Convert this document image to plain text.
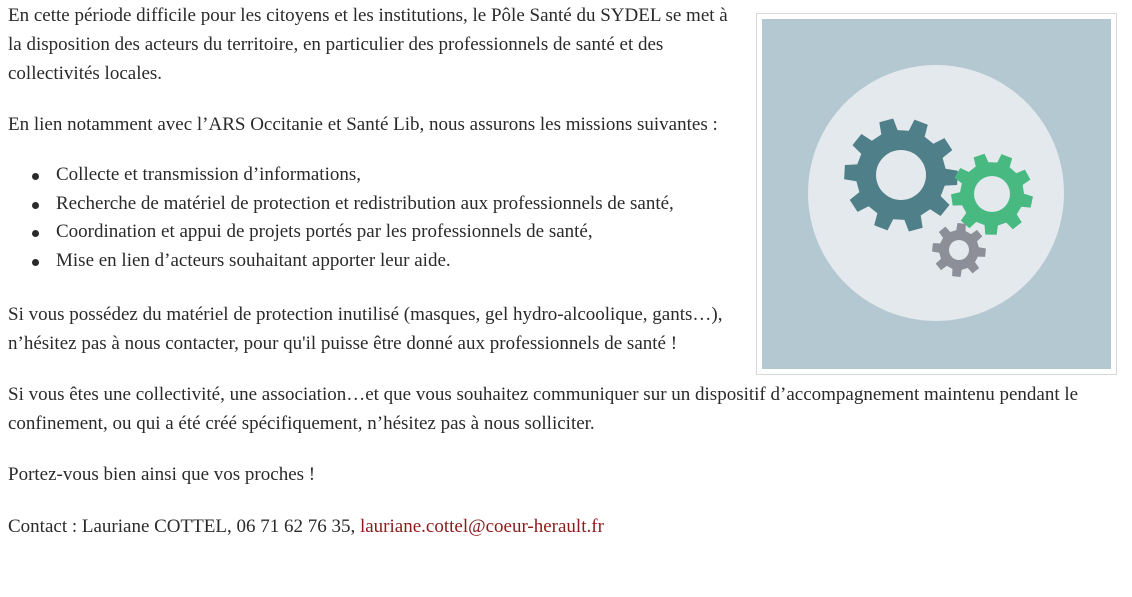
En cette période difficile pour les citoyens et les institutions, le Pôle Santé du SYDEL se met à la disposition des acteurs du territoire, en particulier des professionnels de santé et des collectivités locales.

En lien notamment avec l’ARS Occitanie et Santé Lib, nous assurons les missions suivantes :

Collecte et transmission d’informations,
Recherche de matériel de protection et redistribution aux professionnels de santé,
Coordination et appui de projets portés par les professionnels de santé,
Mise en lien d’acteurs souhaitant apporter leur aide.

Si vous possédez du matériel de protection inutilisé (masques, gel hydro-alcoolique, gants…), n’hésitez pas à nous contacter, pour qu'il puisse être donné aux professionnels de santé !

Si vous êtes une collectivité, une association…et que vous souhaitez communiquer sur un dispositif d’accompagnement maintenu pendant le confinement, ou qui a été créé spécifiquement, n’hésitez pas à nous solliciter.

Portez-vous bien ainsi que vos proches !

Contact : Lauriane COTTEL, 06 71 62 76 35, lauriane.cottel@coeur-herault.fr
